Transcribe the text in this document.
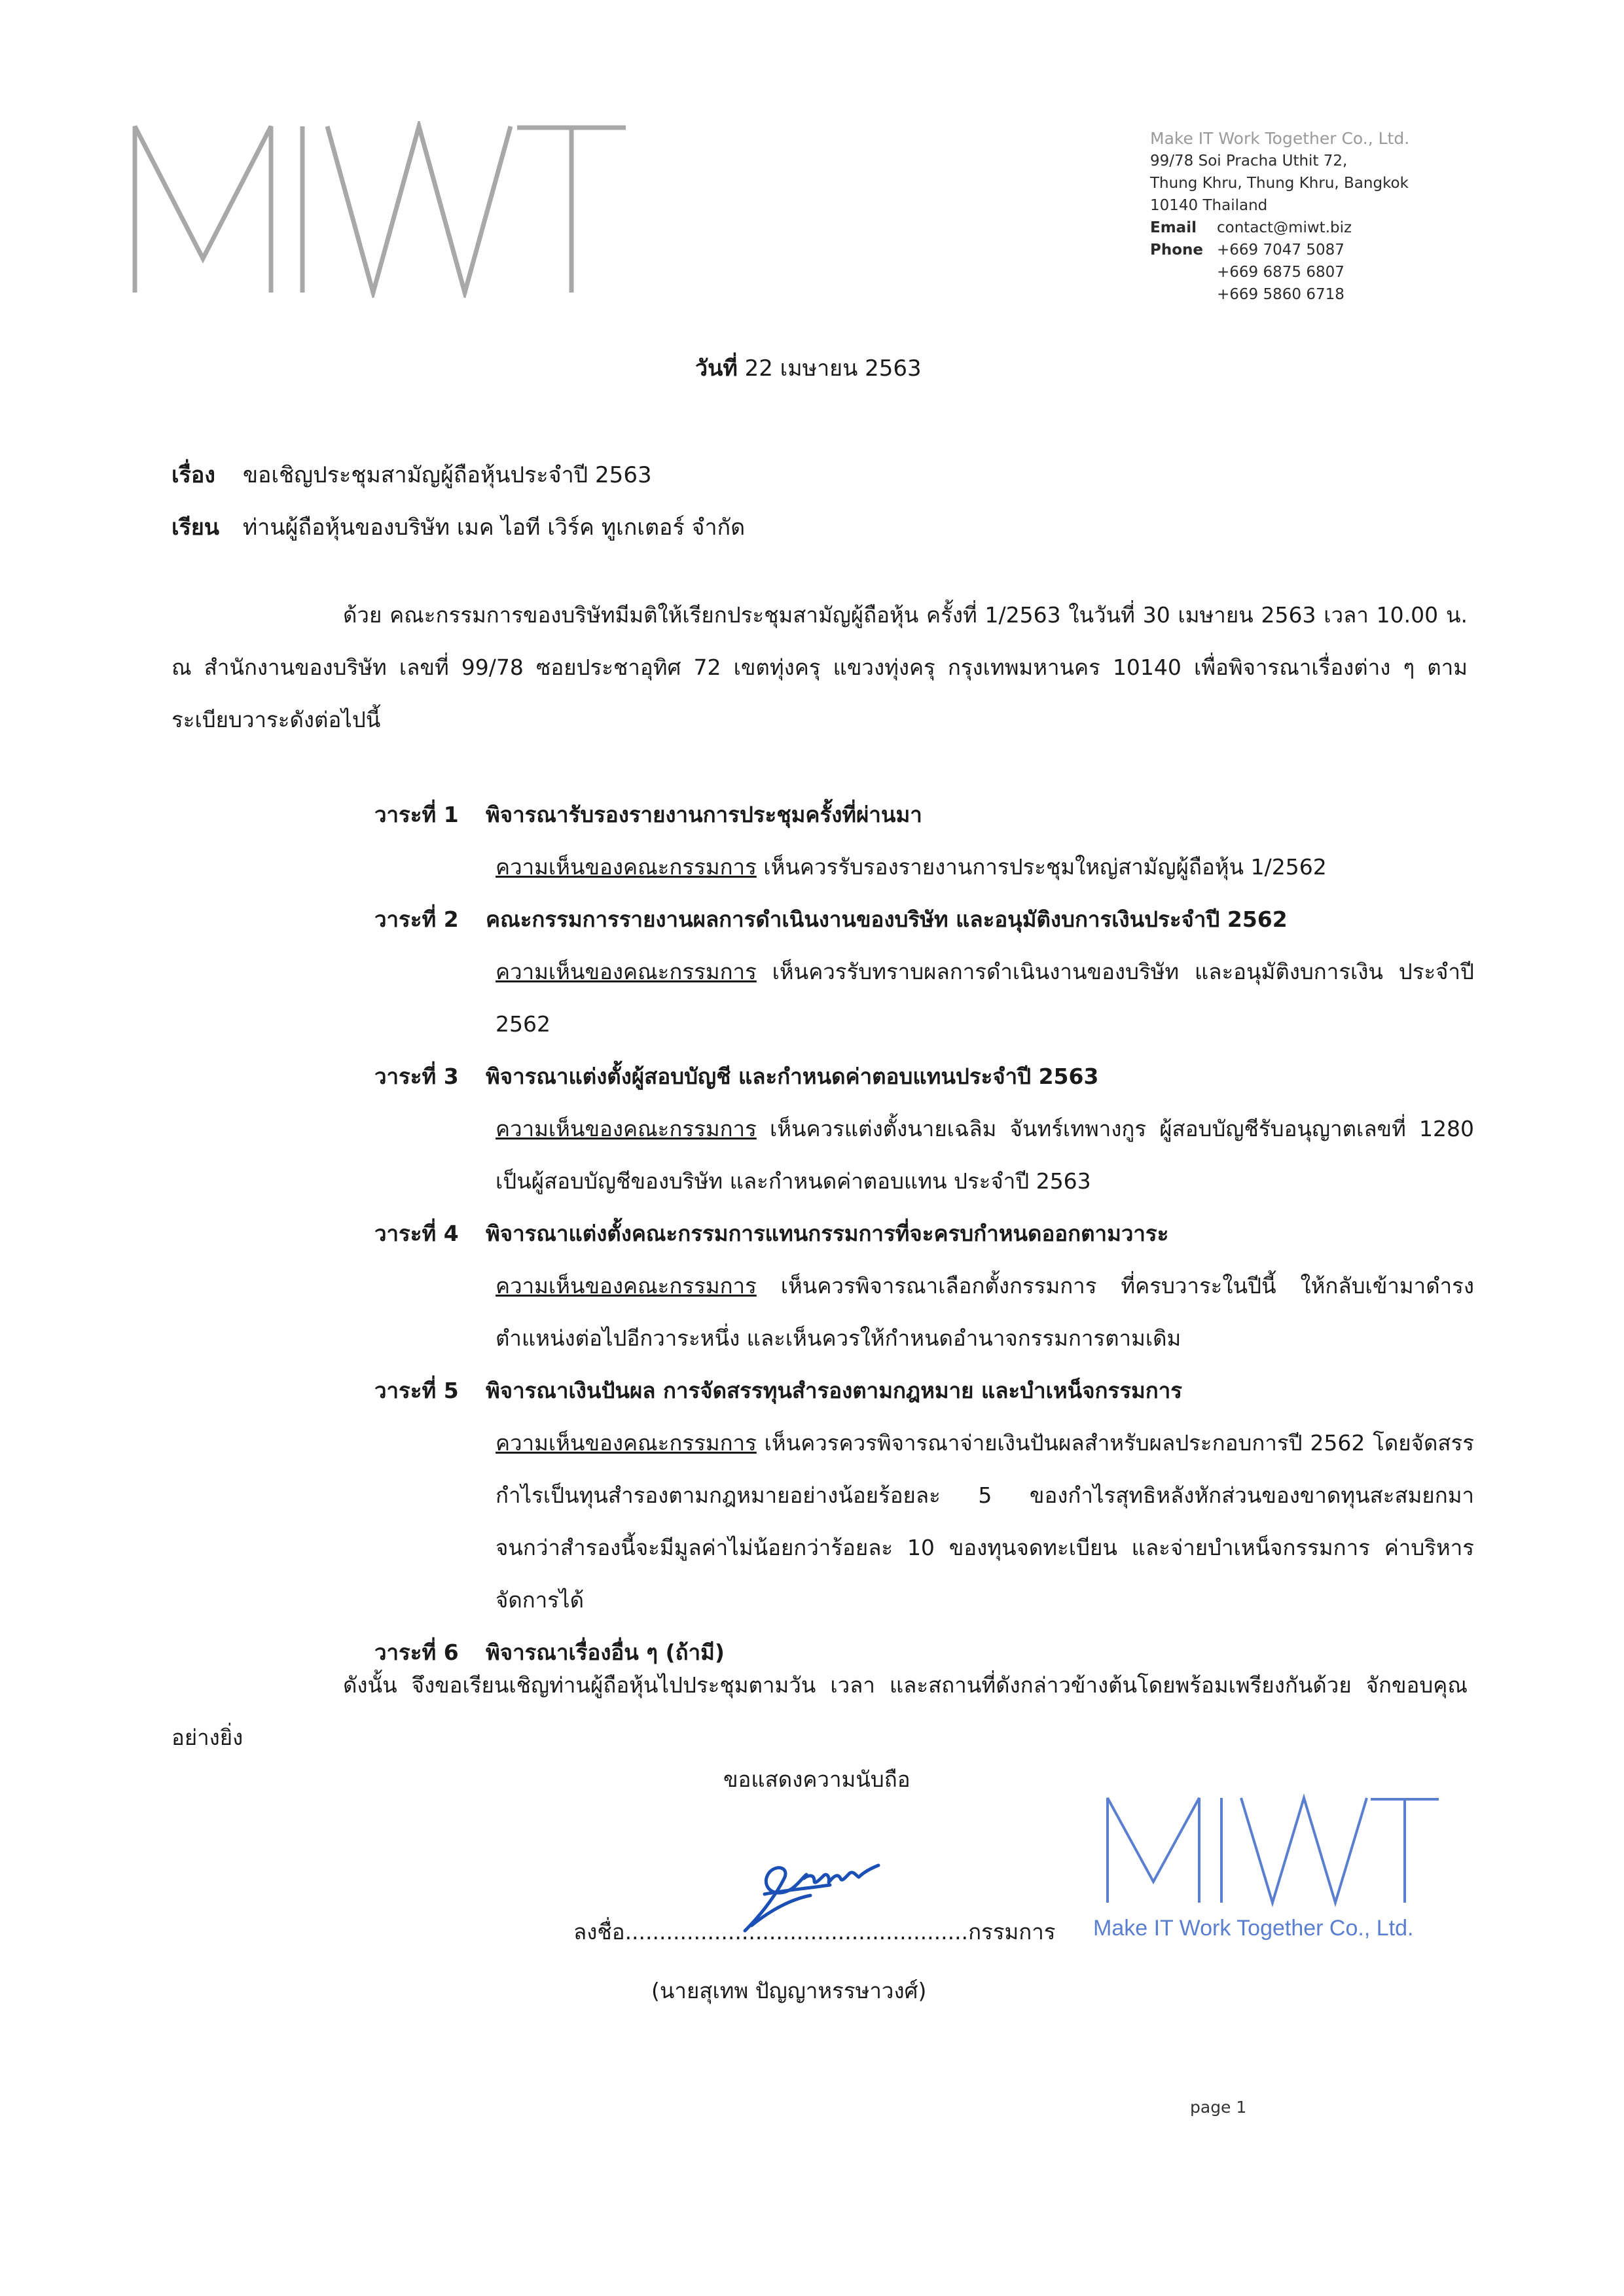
Make IT Work Together Co., Ltd.
99/78 Soi Pracha Uthit 72,
Thung Khru, Thung Khru, Bangkok
10140 Thailand
Email	contact@miwt.biz
Phone +669 7047 5087
+669 6875 6807
+669 5860 6718
วันที่ 22 เมษายน 2563
เรื่อง ขอเชิญประชุมสามัญผู้ถือหุ้นประจำปี 2563
เรียน ท่านผู้ถือหุ้นของบริษัท เมค ไอที เวิร์ค ทูเกเตอร์ จำกัด
ด้วย คณะกรรมการของบริษัทมีมติให้เรียกประชุมสามัญผู้ถือหุ้น ครั้งที่ 1/2563 ในวันที่ 30 เมษายน 2563 เวลา 10.00 น. ณ สำนักงานของบริษัท เลขที่ 99/78 ซอยประชาอุทิศ 72 เขตทุ่งครุ แขวงทุ่งครุ กรุงเทพมหานคร 10140 เพื่อพิจารณาเรื่องต่าง ๆ ตามระเบียบวาระดังต่อไปนี้
วาระที่ 1 พิจารณารับรองรายงานการประชุมครั้งที่ผ่านมา
ความเห็นของคณะกรรมการ เห็นควรรับรองรายงานการประชุมใหญ่สามัญผู้ถือหุ้น 1/2562
วาระที่ 2 คณะกรรมการรายงานผลการดำเนินงานของบริษัท และอนุมัติงบการเงินประจำปี 2562
ความเห็นของคณะกรรมการ เห็นควรรับทราบผลการดำเนินงานของบริษัท และอนุมัติงบการเงิน ประจำปี 2562
วาระที่ 3 พิจารณาแต่งตั้งผู้สอบบัญชี และกำหนดค่าตอบแทนประจำปี 2563
ความเห็นของคณะกรรมการ เห็นควรแต่งตั้งนายเฉลิม จันทร์เทพางกูร ผู้สอบบัญชีรับอนุญาตเลขที่ 1280 เป็นผู้สอบบัญชีของบริษัท และกำหนดค่าตอบแทน ประจำปี 2563
วาระที่ 4 พิจารณาแต่งตั้งคณะกรรมการแทนกรรมการที่จะครบกำหนดออกตามวาระ
ความเห็นของคณะกรรมการ เห็นควรพิจารณาเลือกตั้งกรรมการ ที่ครบวาระในปีนี้ ให้กลับเข้ามาดำรงตำแหน่งต่อไปอีกวาระหนึ่ง และเห็นควรให้กำหนดอำนาจกรรมการตามเดิม
วาระที่ 5 พิจารณาเงินปันผล การจัดสรรทุนสำรองตามกฎหมาย และบำเหน็จกรรมการ
ความเห็นของคณะกรรมการ เห็นควรควรพิจารณาจ่ายเงินปันผลสำหรับผลประกอบการปี 2562 โดยจัดสรรกำไรเป็นทุนสำรองตามกฎหมายอย่างน้อยร้อยละ 5 ของกำไรสุทธิหลังหักส่วนของขาดทุนสะสมยกมาจนกว่าสำรองนี้จะมีมูลค่าไม่น้อยกว่าร้อยละ 10 ของทุนจดทะเบียน และจ่ายบำเหน็จกรรมการ ค่าบริหารจัดการได้
วาระที่ 6 พิจารณาเรื่องอื่น ๆ (ถ้ามี)
ดังนั้น จึงขอเรียนเชิญท่านผู้ถือหุ้นไปประชุมตามวัน เวลา และสถานที่ดังกล่าวข้างต้นโดยพร้อมเพรียงกันด้วย จักขอบคุณอย่างยิ่ง
ขอแสดงความนับถือ
ลงชื่อ..................................................กรรมการ
(นายสุเทพ ปัญญาหรรษาวงศ์)
Make IT Work Together Co., Ltd.
page 1
